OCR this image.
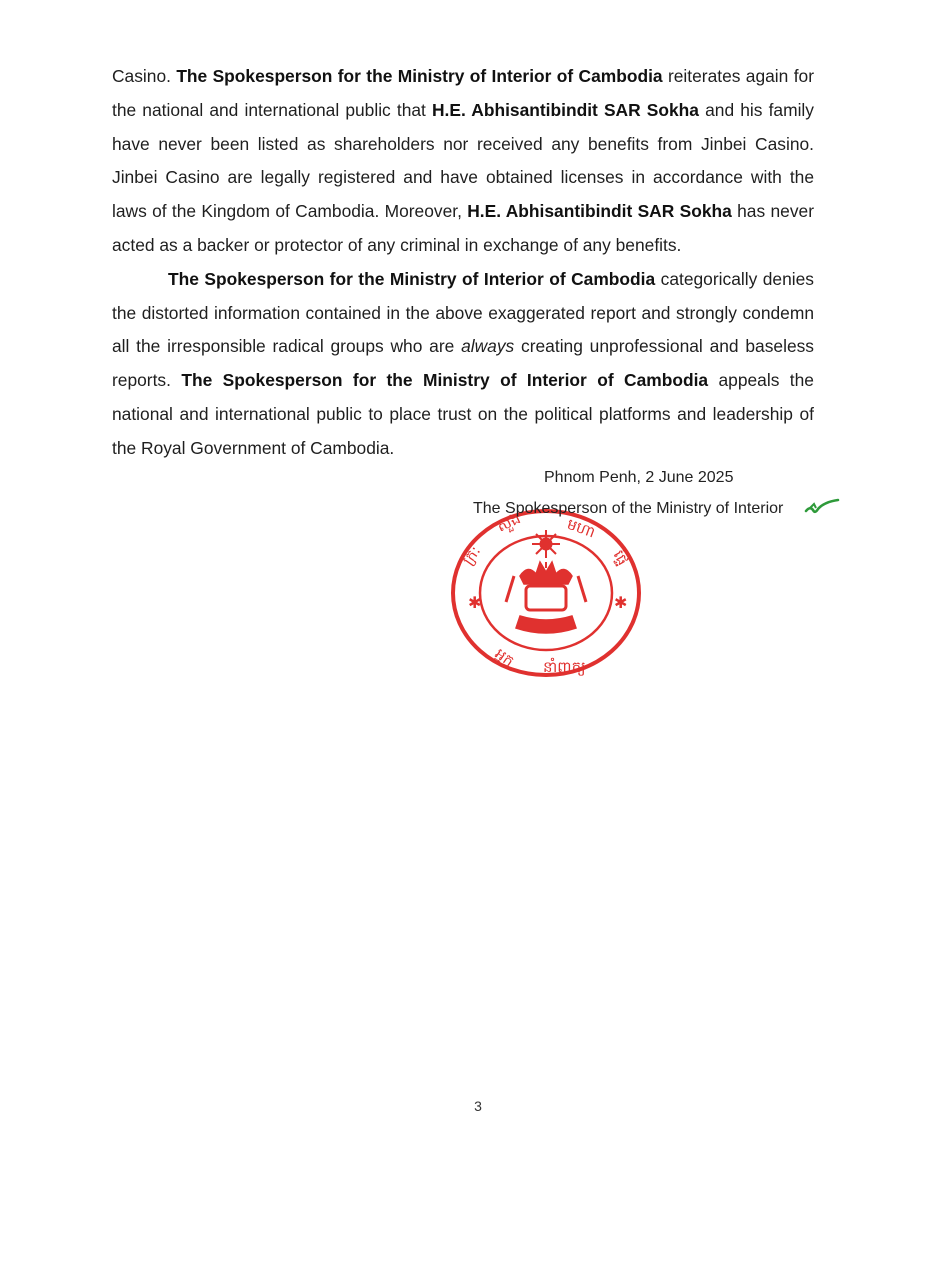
Casino. The Spokesperson for the Ministry of Interior of Cambodia reiterates again for the national and international public that H.E. Abhisantibindit SAR Sokha and his family have never been listed as shareholders nor received any benefits from Jinbei Casino. Jinbei Casino are legally registered and have obtained licenses in accordance with the laws of the Kingdom of Cambodia. Moreover, H.E. Abhisantibindit SAR Sokha has never acted as a backer or protector of any criminal in exchange of any benefits.

The Spokesperson for the Ministry of Interior of Cambodia categorically denies the distorted information contained in the above exaggerated report and strongly condemn all the irresponsible radical groups who are always creating unprofessional and baseless reports. The Spokesperson for the Ministry of Interior of Cambodia appeals the national and international public to place trust on the political platforms and leadership of the Royal Government of Cambodia.

Phnom Penh, 2 June 2025
ក្រ:
សួង	មហា
ផ្ទៃ
អ្នក នាំពាក្យ
✱	✱
The Spokesperson of the Ministry of Interior
3
